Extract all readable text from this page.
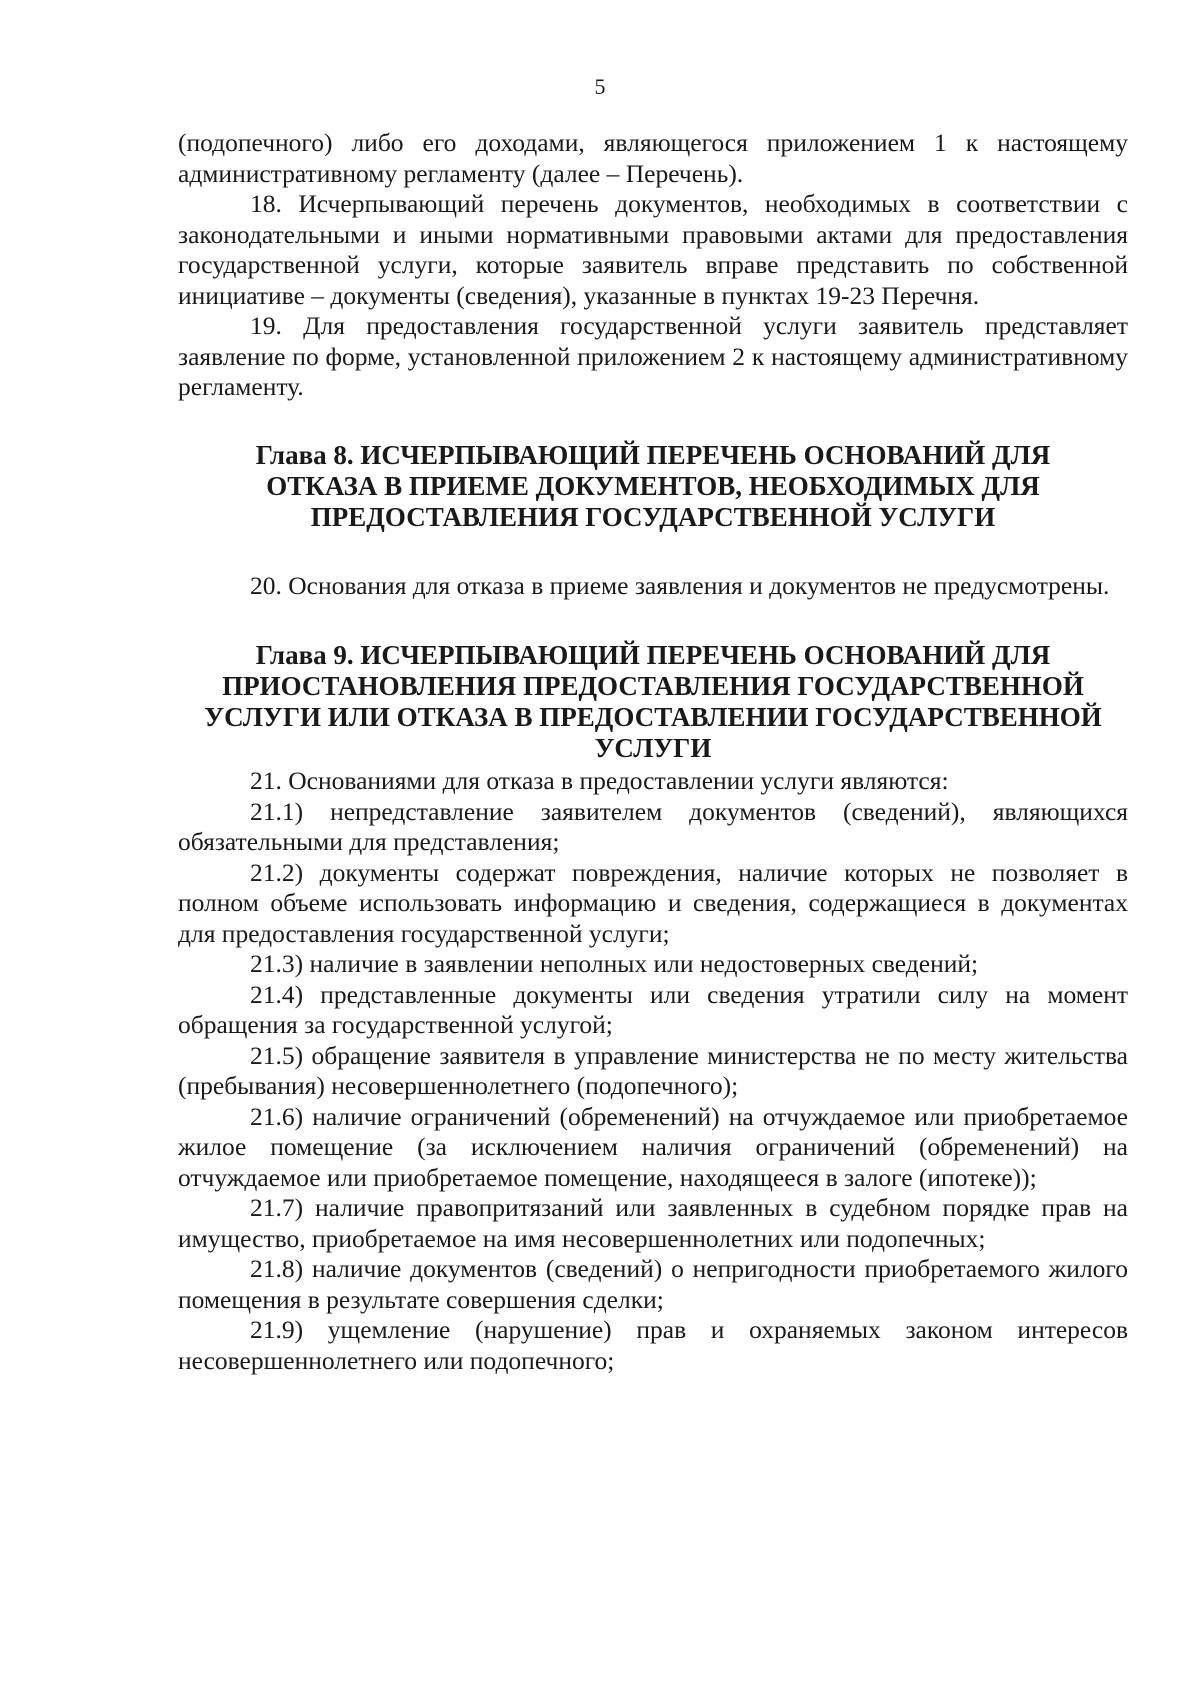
5

(подопечного) либо его доходами, являющегося приложением 1 к настоящему административному регламенту (далее – Перечень).

18. Исчерпывающий перечень документов, необходимых в соответствии с законодательными и иными нормативными правовыми актами для предоставления государственной услуги, которые заявитель вправе представить по собственной инициативе – документы (сведения), указанные в пунктах 19-23 Перечня.

19. Для предоставления государственной услуги заявитель представляет заявление по форме, установленной приложением 2 к настоящему административному регламенту.

Глава 8. ИСЧЕРПЫВАЮЩИЙ ПЕРЕЧЕНЬ ОСНОВАНИЙ ДЛЯ
ОТКАЗА В ПРИЕМЕ ДОКУМЕНТОВ, НЕОБХОДИМЫХ ДЛЯ
ПРЕДОСТАВЛЕНИЯ ГОСУДАРСТВЕННОЙ УСЛУГИ

20. Основания для отказа в приеме заявления и документов не предусмотрены.

Глава 9. ИСЧЕРПЫВАЮЩИЙ ПЕРЕЧЕНЬ ОСНОВАНИЙ ДЛЯ
ПРИОСТАНОВЛЕНИЯ ПРЕДОСТАВЛЕНИЯ ГОСУДАРСТВЕННОЙ
УСЛУГИ ИЛИ ОТКАЗА В ПРЕДОСТАВЛЕНИИ ГОСУДАРСТВЕННОЙ
УСЛУГИ

21. Основаниями для отказа в предоставлении услуги являются:

21.1) непредставление заявителем документов (сведений), являющихся обязательными для представления;

21.2) документы содержат повреждения, наличие которых не позволяет в полном объеме использовать информацию и сведения, содержащиеся в документах для предоставления государственной услуги;

21.3) наличие в заявлении неполных или недостоверных сведений;

21.4) представленные документы или сведения утратили силу на момент обращения за государственной услугой;

21.5) обращение заявителя в управление министерства не по месту жительства (пребывания) несовершеннолетнего (подопечного);

21.6) наличие ограничений (обременений) на отчуждаемое или приобретаемое жилое помещение (за исключением наличия ограничений (обременений) на отчуждаемое или приобретаемое помещение, находящееся в залоге (ипотеке));

21.7) наличие правопритязаний или заявленных в судебном порядке прав на имущество, приобретаемое на имя несовершеннолетних или подопечных;

21.8) наличие документов (сведений) о непригодности приобретаемого жилого помещения в результате совершения сделки;

21.9) ущемление (нарушение) прав и охраняемых законом интересов несовершеннолетнего или подопечного;
